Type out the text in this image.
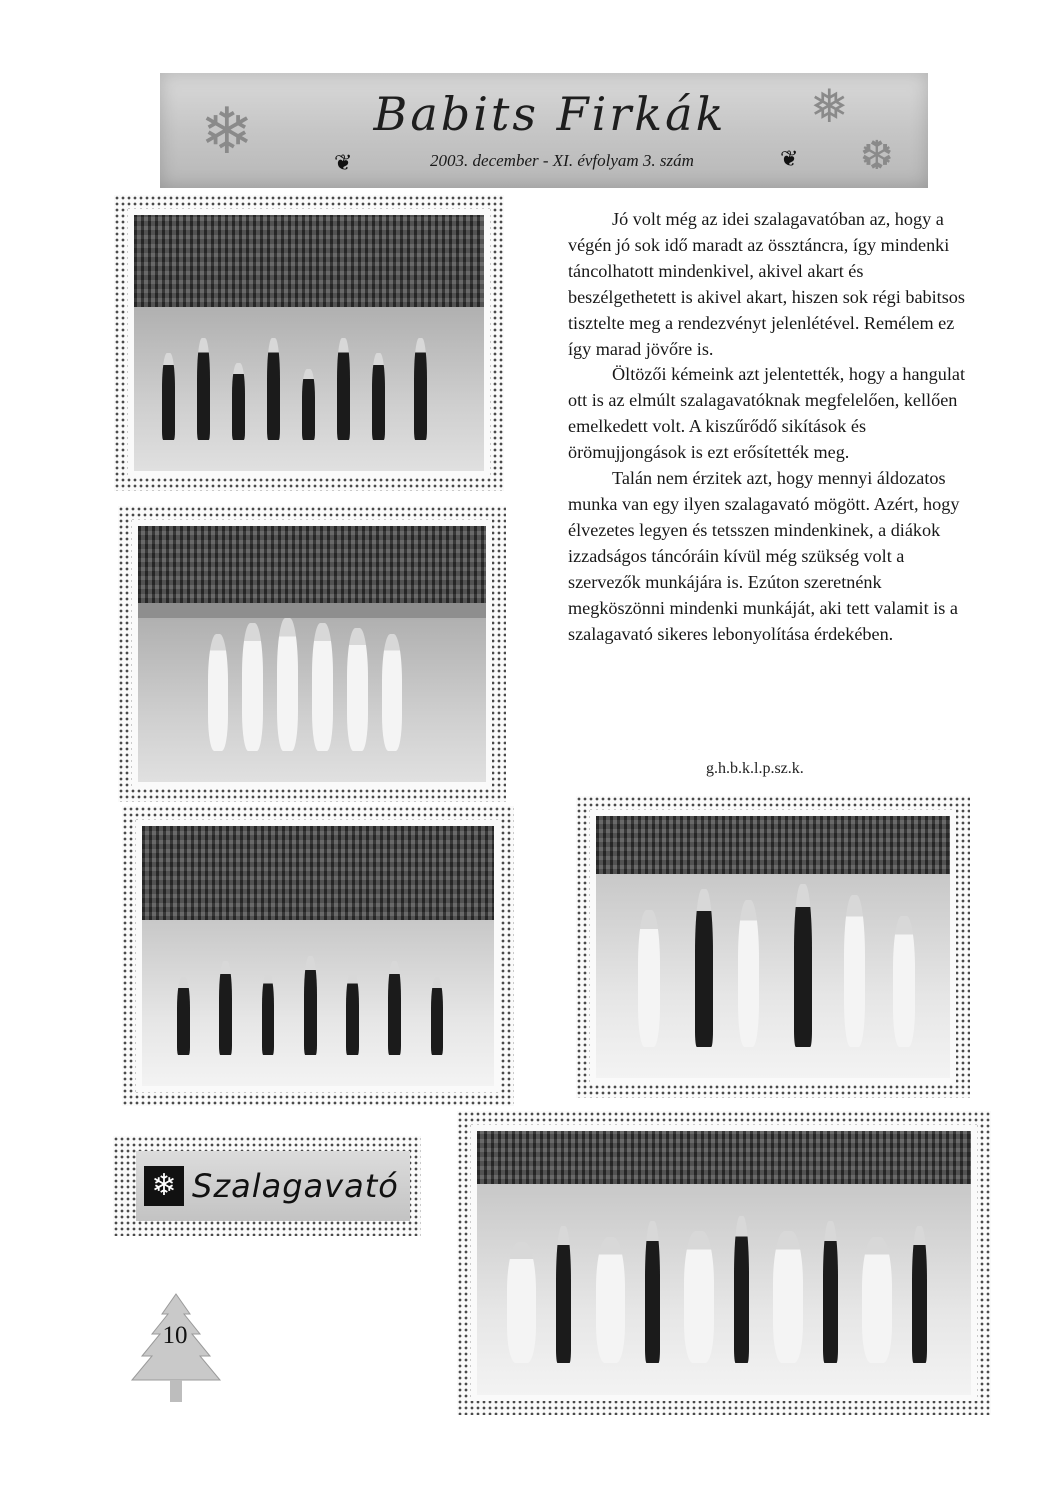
❄	❅
❆
❦	❦
Babits Firkák
2003. december - XI. évfolyam 3. szám

Jó volt még az idei szalagavatóban az, hogy a végén jó sok idő maradt az össztáncra, így mindenki táncolhatott mindenkivel, akivel akart és beszélgethetett is akivel akart, hiszen sok régi babitsos tisztelte meg a rendezvényt jelenlétével. Remélem ez így marad jövőre is.

Öltözői kémeink azt jelentették, hogy a hangulat ott is az elmúlt szalagavatóknak megfelelően, kellően emelkedett volt. A kiszűrődő sikítások és örömujjongások is ezt erősítették meg.

Talán nem érzitek azt, hogy mennyi áldozatos munka van egy ilyen szalagavató mögött. Azért, hogy élvezetes legyen és tetsszen mindenkinek, a diákok izzadságos táncóráin kívül még szükség volt a szervezők munkájára is. Ezúton szeretnénk megköszönni mindenki munkáját, aki tett valamit is a szalagavató sikeres lebonyolítása érdekében.

g.h.b.k.l.p.sz.k.
❄ Szalagavató
10
